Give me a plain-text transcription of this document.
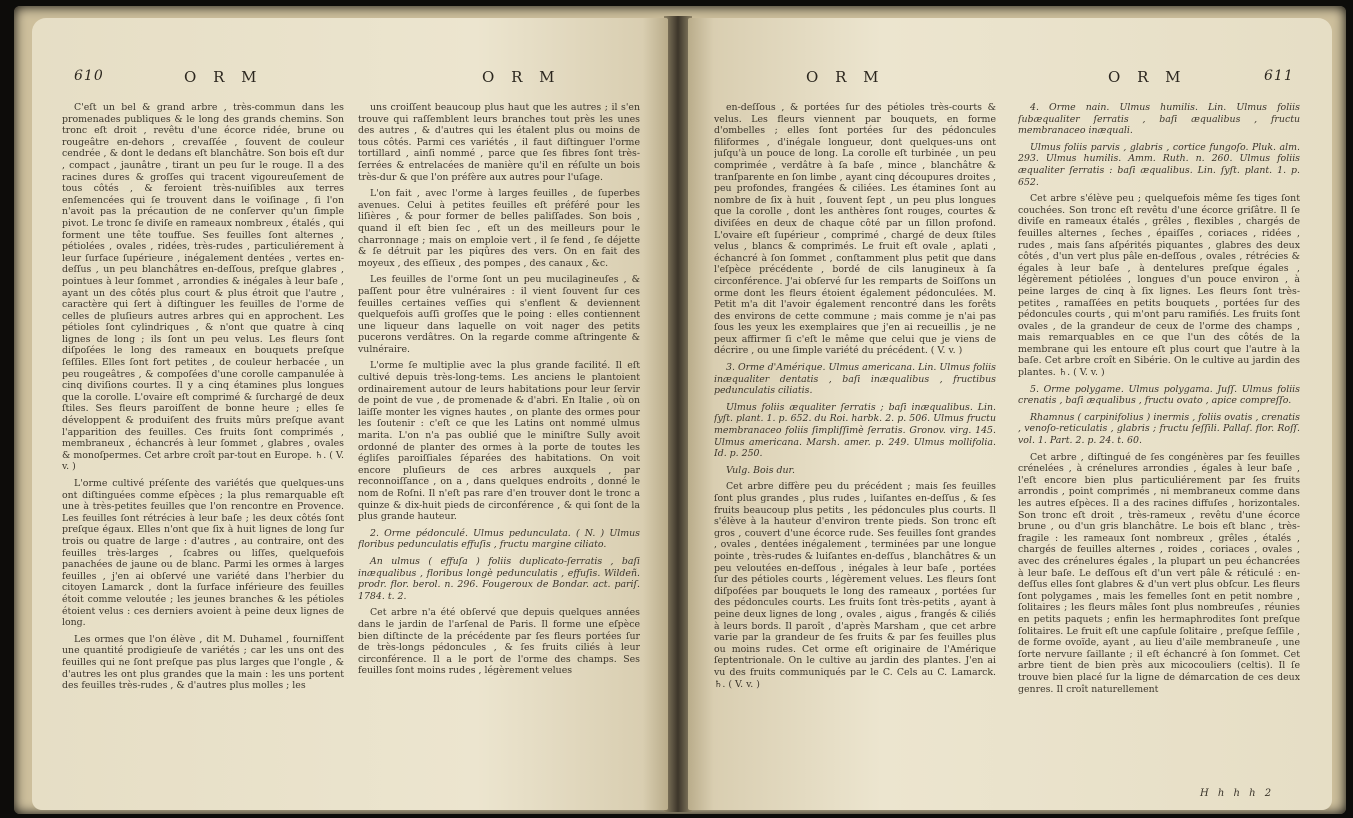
610	O R M	O R M

C'eſt un bel & grand arbre , très-commun dans les promenades publiques & le long des grands chemins. Son tronc eſt droit , revêtu d'une écorce ridée, brune ou rougeâtre en-dehors , crevaſſée , ſouvent de couleur cendrée , & dont le dedans eſt blanchâtre. Son bois eſt dur , compact , jaunâtre , tirant un peu ſur le rouge. Il a des racines dures & groſſes qui tracent vigoureuſement de tous côtés , & feroient très-nuiſibles aux terres enſemencées qui ſe trouvent dans le voiſinage , ſi l'on n'avoit pas la précaution de ne conſerver qu'un ſimple pivot. Le tronc ſe diviſe en rameaux nombreux , étalés , qui forment une tête touffue. Ses feuilles ſont alternes , pétiolées , ovales , ridées, très-rudes , particuliérement à leur ſurface ſupérieure , inégalement dentées , vertes en-deſſus , un peu blanchâtres en-deſſous, preſque glabres , pointues à leur ſommet , arrondies & inégales à leur baſe , ayant un des côtés plus court & plus étroit que l'autre , caractère qui ſert à diſtinguer les feuilles de l'orme de celles de pluſieurs autres arbres qui en approchent. Les pétioles ſont cylindriques , & n'ont que quatre à cinq lignes de long ; ils ſont un peu velus. Les fleurs ſont diſpoſées le long des rameaux en bouquets preſque ſeſſiles. Elles ſont fort petites , de couleur herbacée , un peu rougeâtres , & compoſées d'une corolle campanulée à cinq diviſions courtes. Il y a cinq étamines plus longues que la corolle. L'ovaire eſt comprimé & ſurchargé de deux ſtiles. Ses fleurs paroiſſent de bonne heure ; elles ſe développent & produiſent des fruits mûrs preſque avant l'apparition des feuilles. Ces fruits ſont comprimés , membraneux , échancrés à leur ſommet , glabres , ovales & monoſpermes. Cet arbre croît par-tout en Europe. ♄. ( V. v. )

L'orme cultivé préſente des variétés que quelques-uns ont diſtinguées comme eſpèces ; la plus remarquable eſt une à très-petites feuilles que l'on rencontre en Provence. Les feuilles ſont rétrécies à leur baſe ; les deux côtés ſont preſque égaux. Elles n'ont que ſix à huit lignes de long ſur trois ou quatre de large : d'autres , au contraire, ont des feuilles très-larges , ſcabres ou liſſes, quelquefois panachées de jaune ou de blanc. Parmi les ormes à larges feuilles , j'en ai obſervé une variété dans l'herbier du citoyen Lamarck , dont la ſurface inférieure des feuilles étoit comme veloutée ; les jeunes branches & les pétioles étoient velus : ces derniers avoient à peine deux lignes de long.

Les ormes que l'on élève , dit M. Duhamel , fourniſſent une quantité prodigieuſe de variétés ; car les uns ont des feuilles qui ne ſont preſque pas plus larges que l'ongle , & d'autres les ont plus grandes que la main : les uns portent des feuilles très-rudes , & d'autres plus molles ; les

uns croiſſent beaucoup plus haut que les autres ; il s'en trouve qui raſſemblent leurs branches tout près les unes des autres , & d'autres qui les étalent plus ou moins de tous côtés. Parmi ces variétés , il faut diſtinguer l'orme tortillard , ainſi nommé , parce que ſes fibres ſont très-ſerrées & entrelacées de manière qu'il en réſulte un bois très-dur & que l'on préfère aux autres pour l'uſage.

L'on fait , avec l'orme à larges feuilles , de ſuperbes avenues. Celui à petites feuilles eſt préféré pour les liſières , & pour former de belles paliſſades. Son bois , quand il eſt bien ſec , eſt un des meilleurs pour le charronnage ; mais on emploie vert , il ſe fend , ſe déjette & ſe détruit par les piqûres des vers. On en fait des moyeux , des eſſieux , des pompes , des canaux , &c.

Les feuilles de l'orme ſont un peu mucilagineuſes , & paſſent pour être vulnéraires : il vient ſouvent ſur ces feuilles certaines veſſies qui s'enflent & deviennent quelquefois auſſi groſſes que le poing : elles contiennent une liqueur dans laquelle on voit nager des petits pucerons verdâtres. On la regarde comme aſtringente & vulnéraire.

L'orme ſe multiplie avec la plus grande facilité. Il eſt cultivé depuis très-long-tems. Les anciens le plantoient ordinairement autour de leurs habitations pour leur ſervir de point de vue , de promenade & d'abri. En Italie , où on laiſſe monter les vignes hautes , on plante des ormes pour les ſoutenir : c'eſt ce que les Latins ont nommé ulmus marita. L'on n'a pas oublié que le miniſtre Sully avoit ordonné de planter des ormes à la porte de toutes les égliſes paroiſſiales ſéparées des habitations. On voit encore pluſieurs de ces arbres auxquels , par reconnoiſſance , on a , dans quelques endroits , donné le nom de Roſni. Il n'eſt pas rare d'en trouver dont le tronc a quinze & dix-huit pieds de circonférence , & qui ſont de la plus grande hauteur.

2. Orme pédonculé. Ulmus pedunculata. ( N. ) Ulmus floribus pedunculatis effuſis , fructu margine ciliato.

An ulmus ( effuſa ) foliis duplicato-ſerratis , baſi inæqualibus , floribus longè pedunculatis , effuſis. Wildeñ. prodr. flor. berol. n. 296. Fougeroux de Bondar. act. pariſ. 1784. t. 2.

Cet arbre n'a été obſervé que depuis quelques années dans le jardin de l'arſenal de Paris. Il forme une eſpèce bien diſtincte de la précédente par ſes fleurs portées ſur de très-longs pédoncules , & ſes fruits ciliés à leur circonférence. Il a le port de l'orme des champs. Ses feuilles ſont moins rudes , légèrement velues

O R M	O R M	611

en-deſſous , & portées ſur des pétioles très-courts & velus. Les fleurs viennent par bouquets, en forme d'ombelles ; elles ſont portées ſur des pédoncules filiformes , d'inégale longueur, dont quelques-uns ont juſqu'à un pouce de long. La corolle eſt turbinée , un peu comprimée , verdâtre à ſa baſe , mince , blanchâtre & tranſparente en ſon limbe , ayant cinq découpures droites , peu profondes, frangées & ciliées. Les étamines ſont au nombre de ſix à huit , ſouvent ſept , un peu plus longues que la corolle , dont les anthères ſont rouges, courtes & diviſées en deux de chaque côté par un ſillon profond. L'ovaire eſt ſupérieur , comprimé , chargé de deux ſtiles velus , blancs & comprimés. Le fruit eſt ovale , aplati , échancré à ſon ſommet , conſtamment plus petit que dans l'eſpèce précédente , bordé de cils lanugineux à ſa circonférence. J'ai obſervé ſur les remparts de Soiſſons un orme dont les fleurs étoient également pédonculées. M. Petit m'a dit l'avoir également rencontré dans les forêts des environs de cette commune ; mais comme je n'ai pas ſous les yeux les exemplaires que j'en ai recueillis , je ne peux affirmer ſi c'eſt le même que celui que je viens de décrire , ou une ſimple variété du précédent. ( V. v. )

3. Orme d'Amérique. Ulmus americana. Lin. Ulmus foliis inæqualiter dentatis , baſi inæqualibus , fructibus pedunculatis ciliatis.

Ulmus foliis æqualiter ſerratis ; baſi inæqualibus. Lin. ſyſt. plant. 1. p. 652. du Roi. harbk. 2. p. 506. Ulmus fructu membranaceo foliis ſimpliſſimè ſerratis. Gronov. virg. 145. Ulmus americana. Marsh. amer. p. 249. Ulmus mollifolia. Id. p. 250.

Vulg. Bois dur.

Cet arbre diffère peu du précédent ; mais ſes feuilles ſont plus grandes , plus rudes , luiſantes en-deſſus , & ſes fruits beaucoup plus petits , les pédoncules plus courts. Il s'élève à la hauteur d'environ trente pieds. Son tronc eſt gros , couvert d'une écorce rude. Ses feuilles ſont grandes , ovales , dentées inégalement , terminées par une longue pointe , très-rudes & luiſantes en-deſſus , blanchâtres & un peu veloutées en-deſſous , inégales à leur baſe , portées ſur des pétioles courts , légèrement velues. Les fleurs ſont diſpoſées par bouquets le long des rameaux , portées ſur des pédoncules courts. Les fruits ſont très-petits , ayant à peine deux lignes de long , ovales , aigus , frangés & ciliés à leurs bords. Il paroît , d'après Marsham , que cet arbre varie par la grandeur de ſes fruits & par ſes feuilles plus ou moins rudes. Cet orme eſt originaire de l'Amérique ſeptentrionale. On le cultive au jardin des plantes. J'en ai vu des fruits communiqués par le C. Cels au C. Lamarck. ♄. ( V. v. )

4. Orme nain. Ulmus humilis. Lin. Ulmus foliis ſubæqualiter ſerratis , baſi æqualibus , fructu membranaceo inæquali.

Ulmus foliis parvis , glabris , cortice fungoſo. Pluk. alm. 293. Ulmus humilis. Amm. Ruth. n. 260. Ulmus foliis æqualiter ſerratis : baſi æqualibus. Lin. ſyſt. plant. 1. p. 652.

Cet arbre s'élève peu ; quelquefois même ſes tiges ſont couchées. Son tronc eſt revêtu d'une écorce griſâtre. Il ſe diviſe en rameaux étalés , grêles , flexibles , chargés de feuilles alternes , ſeches , épaiſſes , coriaces , ridées , rudes , mais ſans aſpérités piquantes , glabres des deux côtés , d'un vert plus pâle en-deſſous , ovales , rétrécies & égales à leur baſe , à dentelures preſque égales , légèrement pétiolées , longues d'un pouce environ , à peine larges de cinq à ſix lignes. Les fleurs ſont très-petites , ramaſſées en petits bouquets , portées ſur des pédoncules courts , qui m'ont paru ramifiés. Les fruits ſont ovales , de la grandeur de ceux de l'orme des champs , mais remarquables en ce que l'un des côtés de la membrane qui les entoure eſt plus court que l'autre à la baſe. Cet arbre croît en Sibérie. On le cultive au jardin des plantes. ♄. ( V. v. )

5. Orme polygame. Ulmus polygama. Juſſ. Ulmus foliis crenatis , baſi æqualibus , fructu ovato , apice compreſſo.

Rhamnus ( carpinifolius ) inermis , foliis ovatis , crenatis , venoſo-reticulatis , glabris ; fructu ſeſſili. Pallaſ. flor. Roſſ. vol. 1. Part. 2. p. 24. t. 60.

Cet arbre , diſtingué de ſes congénères par ſes feuilles crénelées , à crénelures arrondies , égales à leur baſe , l'eſt encore bien plus particuliérement par ſes fruits arrondis , point comprimés , ni membraneux comme dans les autres eſpèces. Il a des racines diffuſes , horizontales. Son tronc eſt droit , très-rameux , revêtu d'une écorce brune , ou d'un gris blanchâtre. Le bois eſt blanc , très-fragile : les rameaux ſont nombreux , grêles , étalés , chargés de feuilles alternes , roides , coriaces , ovales , avec des crénelures égales , la plupart un peu échancrées à leur baſe. Le deſſous eſt d'un vert pâle & réticulé : en-deſſus elles ſont glabres & d'un vert plus obſcur. Les fleurs ſont polygames , mais les femelles ſont en petit nombre , ſolitaires ; les fleurs mâles ſont plus nombreuſes , réunies en petits paquets ; enfin les hermaphrodites ſont preſque ſolitaires. Le fruit eſt une capſule ſolitaire , preſque ſeſſile , de forme ovoïde, ayant , au lieu d'aile membraneuſe , une ſorte nervure ſaillante ; il eſt échancré à ſon ſommet. Cet arbre tient de bien près aux micocouliers (celtis). Il ſe trouve bien placé ſur la ligne de démarcation de ces deux genres. Il croît naturellement

H h h h 2
